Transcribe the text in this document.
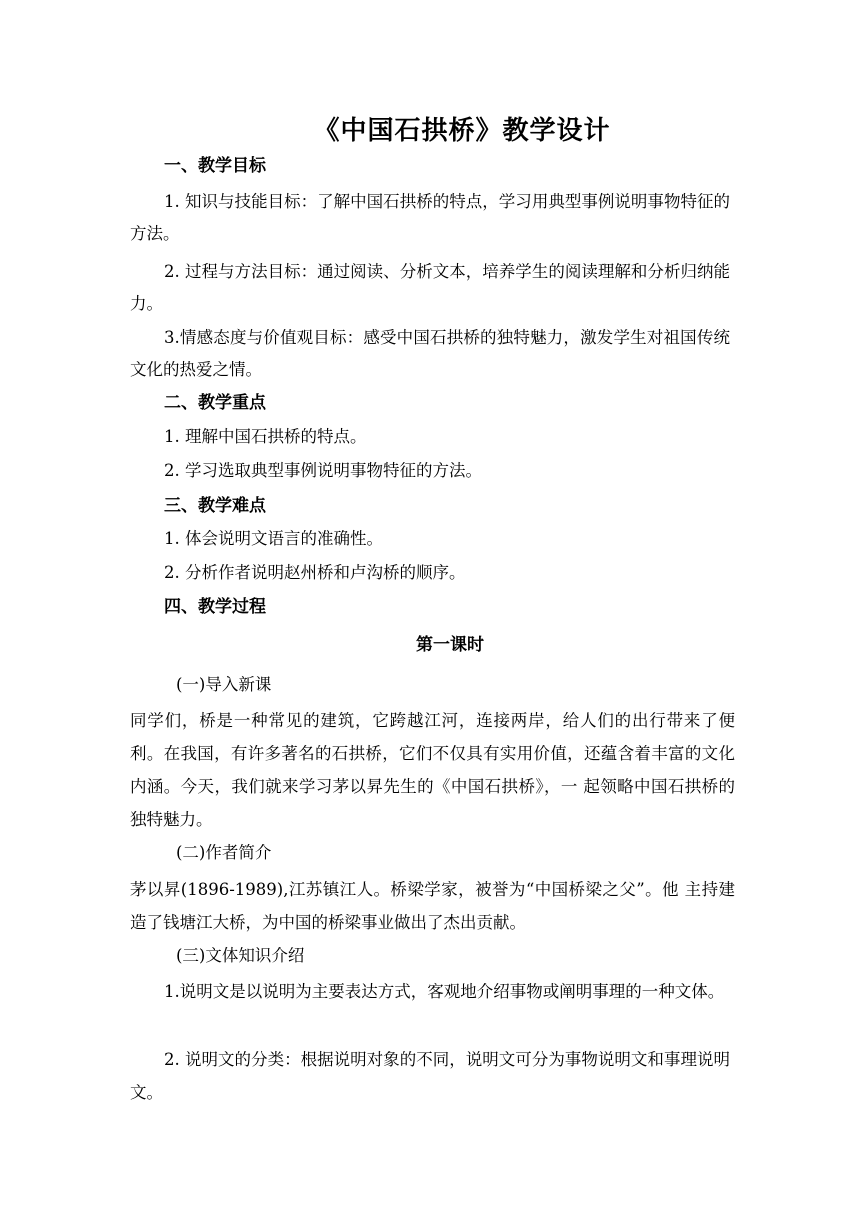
《中国石拱桥》教学设计

一、教学目标

1. 知识与技能目标：了解中国石拱桥的特点，学习用典型事例说明事物特征的方法。

2. 过程与方法目标：通过阅读、分析文本，培养学生的阅读理解和分析归纳能力。

3.情感态度与价值观目标：感受中国石拱桥的独特魅力，激发学生对祖国传统文化的热爱之情。

二、教学重点

1. 理解中国石拱桥的特点。

2. 学习选取典型事例说明事物特征的方法。

三、教学难点

1. 体会说明文语言的准确性。

2. 分析作者说明赵州桥和卢沟桥的顺序。

四、教学过程

第一课时

(一)导入新课

同学们，桥是一种常见的建筑，它跨越江河，连接两岸，给人们的出行带来了便利。在我国，有许多著名的石拱桥，它们不仅具有实用价值，还蕴含着丰富的文化内涵。今天，我们就来学习茅以昇先生的《中国石拱桥》，一 起领略中国石拱桥的独特魅力。

(二)作者简介

茅以昇(1896-1989),江苏镇江人。桥梁学家，被誉为“中国桥梁之父”。他 主持建造了钱塘江大桥，为中国的桥梁事业做出了杰出贡献。

(三)文体知识介绍

1.说明文是以说明为主要表达方式，客观地介绍事物或阐明事理的一种文体。

2. 说明文的分类：根据说明对象的不同，说明文可分为事物说明文和事理说明文。
